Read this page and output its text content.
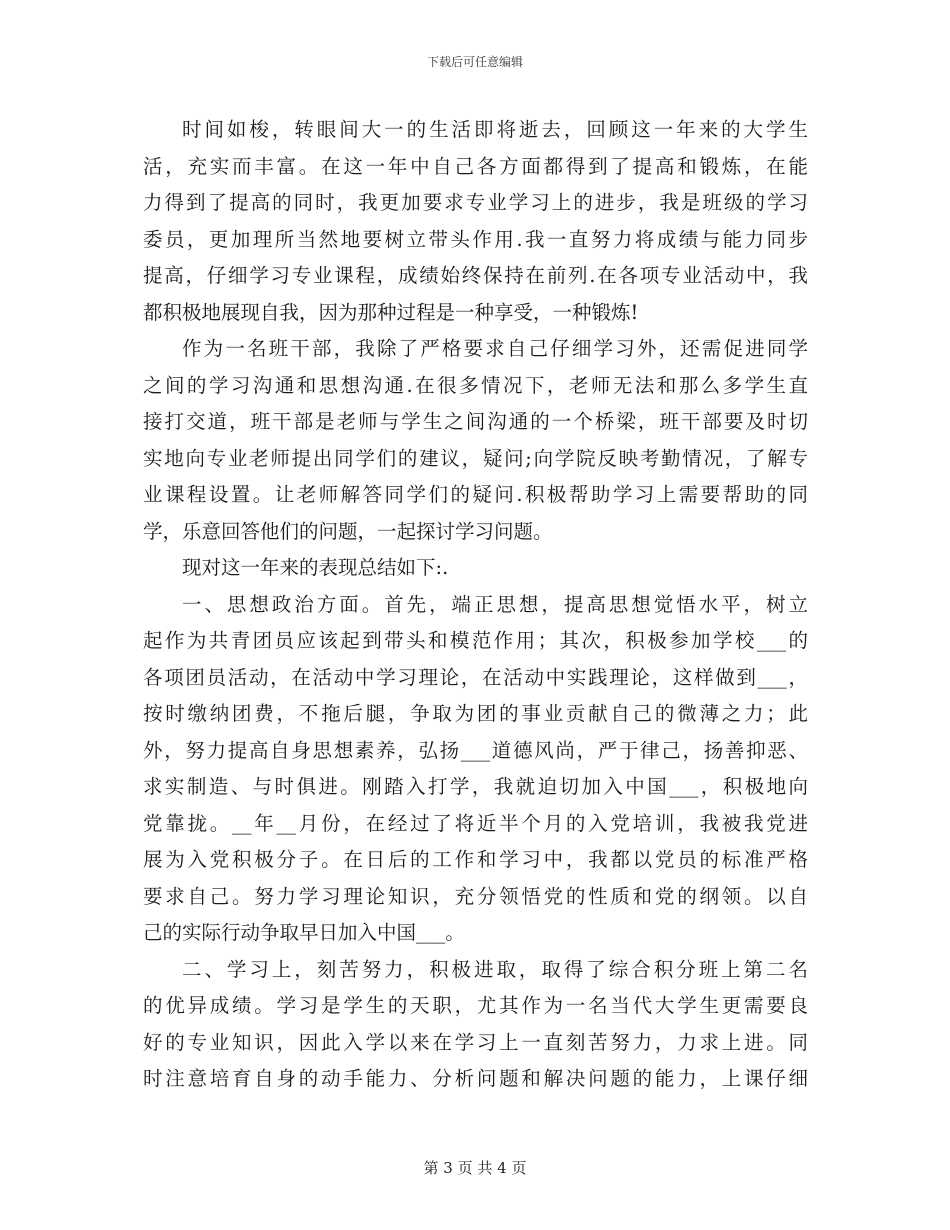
下载后可任意编辑
时间如梭，转眼间大一的生活即将逝去，回顾这一年来的大学生
活，充实而丰富。在这一年中自己各方面都得到了提高和锻炼，在能
力得到了提高的同时，我更加要求专业学习上的进步，我是班级的学习
委员，更加理所当然地要树立带头作用.我一直努力将成绩与能力同步
提高，仔细学习专业课程，成绩始终保持在前列.在各项专业活动中，我
都积极地展现自我，因为那种过程是一种享受，一种锻炼!
作为一名班干部，我除了严格要求自己仔细学习外，还需促进同学
之间的学习沟通和思想沟通.在很多情况下，老师无法和那么多学生直
接打交道，班干部是老师与学生之间沟通的一个桥梁，班干部要及时切
实地向专业老师提出同学们的建议，疑问;向学院反映考勤情况，了解专
业课程设置。让老师解答同学们的疑问.积极帮助学习上需要帮助的同
学，乐意回答他们的问题，一起探讨学习问题。
现对这一年来的表现总结如下:.
一、思想政治方面。首先，端正思想，提高思想觉悟水平，树立
起作为共青团员应该起到带头和模范作用；其次，积极参加学校___的
各项团员活动，在活动中学习理论，在活动中实践理论，这样做到___，
按时缴纳团费，不拖后腿，争取为团的事业贡献自己的微薄之力；此
外，努力提高自身思想素养，弘扬___道德风尚，严于律己，扬善抑恶、
求实制造、与时俱进。刚踏入打学，我就迫切加入中国___，积极地向
党靠拢。__年__月份，在经过了将近半个月的入党培训，我被我党进
展为入党积极分子。在日后的工作和学习中，我都以党员的标准严格
要求自己。努力学习理论知识，充分领悟党的性质和党的纲领。以自
己的实际行动争取早日加入中国___。
二、学习上，刻苦努力，积极进取，取得了综合积分班上第二名
的优异成绩。学习是学生的天职，尤其作为一名当代大学生更需要良
好的专业知识，因此入学以来在学习上一直刻苦努力，力求上进。同
时注意培育自身的动手能力、分析问题和解决问题的能力，上课仔细
第 3 页 共 4 页
